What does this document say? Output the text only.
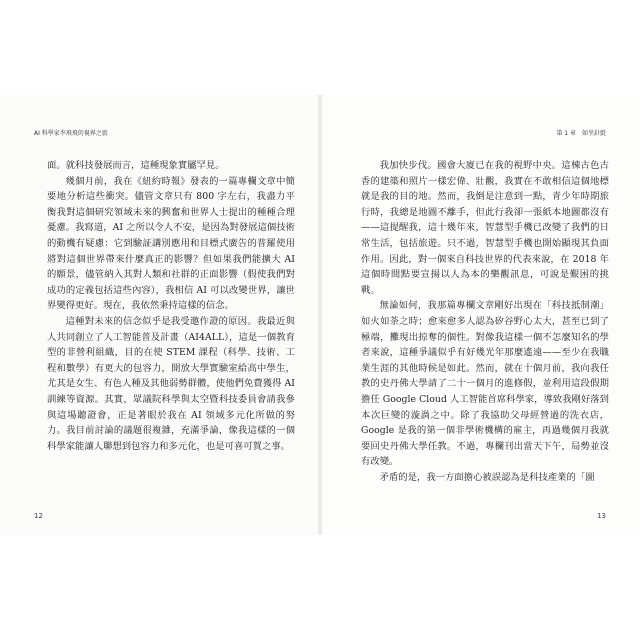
AI 科學家李飛飛的視界之旅	第 1 章　如坐針氈

面。就科技發展而言，這種現象實屬罕見。

幾個月前，我在《紐約時報》發表的一篇專欄文章中簡要地分析這些衝突。儘管文章只有 800 字左右，我盡力平衡我對這個研究領域未來的興奮和世界人士提出的種種合理憂慮。我寫道，AI 之所以令人不安，是因為對發展這個技術的動機有疑慮：它到驗証講別應用和目標式廣告的普羅使用將對這個世界帶來什麼真正的影響？但如果我們能擴大 AI 的願景，儘管納入其對人類和社群的正面影響（假使我們對成功的定義包括這些內容），我相信 AI 可以改變世界，讓世界變得更好。現在，我依然秉持這樣的信念。

這種對未來的信念似乎是我受邀作證的原因。我最近與人共同創立了人工智能普及計畫（AI4ALL），這是一個教育型的非營利組織，目的在使 STEM 課程（科學、技術、工程和數學）有更大的包容力，開放大學實驗室給高中學生，尤其是女生、有色人種及其他弱勢群體，使他們免費獲得 AI 訓練等資源。其實，眾議院科學與太空暨科技委員會請我參與這場聽證會，正是著眼於我在 AI 領域多元化所做的努力。我目前討論的議題很複雜，充滿爭論，像我這樣的一個科學家能讓人聯想到包容力和多元化，也是可喜可賀之事。

我加快步伐。國會大廈已在我的視野中央。這棟古色古香的建築和照片一樣宏偉、壯觀，我實在不敢相信這個地標就是我的目的地。然而，我倒是注意到一點，青少年時期旅行時，我總是地圖不離手，但此行我卻一張紙本地圖都沒有——這提醒我，這十幾年來，智慧型手機已改變了我們的日常生活，包括旅遊。只不過，智慧型手機也開始顯現其負面作用。因此，對一個來自科技世界的代表來說，在 2018 年這個時間點要宣揚以人為本的樂觀訊息，可說是艱困的挑戰。

無論如何，我那篇專欄文章剛好出現在「科技抵制潮」如火如荼之時；愈來愈多人認為矽谷野心太大，甚至已到了極端，攤現出掠奪的個性。對像我這樣一個不怎麼知名的學者來說，這種爭議似乎有好幾光年那麼遙遠——至少在我職業生涯的其他時候是如此。然而，就在十個月前，我向我任教的史丹佛大學請了二十一個月的進修假，並利用這段假期擔任 Google Cloud 人工智能首席科學家，導致我剛好落到本次巨變的漩渦之中。除了我協助父母經營過的洗衣店，Google 是我的第一個非學術機構的雇主，再過幾個月我就要回史丹佛大學任教。不過，專欄刊出當天下午，局勢並沒有改變。

矛盾的是，我一方面擔心被誤認為是科技產業的「圖

12	13
